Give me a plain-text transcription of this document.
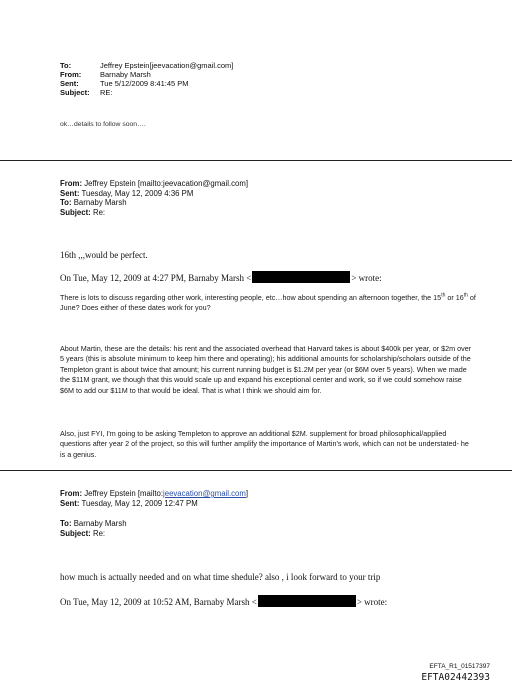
To:	Jeffrey Epstein[jeevacation@gmail.com]
From:	Barnaby Marsh
Sent:	Tue 5/12/2009 8:41:45 PM
Subject:	RE:
ok…details to follow soon….
From: Jeffrey Epstein [mailto:jeevacation@gmail.com]
Sent: Tuesday, May 12, 2009 4:36 PM
To: Barnaby Marsh
Subject: Re:
16th ,,,would be perfect.
On Tue, May 12, 2009 at 4:27 PM, Barnaby Marsh <	> wrote:
There is lots to discuss regarding other work, interesting people, etc…how about spending an afternoon together, the 15th or 16th of June? Does either of these dates work for you?
About Martin, these are the details: his rent and the associated overhead that Harvard takes is about $400k per year, or $2m over 5 years (this is absolute minimum to keep him there and operating); his additional amounts for scholarship/scholars outside of the Templeton grant is about twice that amount; his current running budget is $1.2M per year (or $6M over 5 years). When we made the $11M grant, we though that this would scale up and expand his exceptional center and work, so if we could somehow raise $6M to add our $11M to that would be ideal. That is what I think we should aim for.
Also, just FYI, I'm going to be asking Templeton to approve an additional $2M. supplement for broad philosophical/applied questions after year 2 of the project, so this will further amplify the importance of Martin's work, which can not be understated- he is a genius.
From: Jeffrey Epstein [mailto:jeevacation@gmail.com]
Sent: Tuesday, May 12, 2009 12:47 PM
To: Barnaby Marsh
Subject: Re:
how much is actually needed and on what time shedule? also , i look forward to your trip
On Tue, May 12, 2009 at 10:52 AM, Barnaby Marsh <	> wrote:
EFTA_R1_01517397
EFTA02442393
